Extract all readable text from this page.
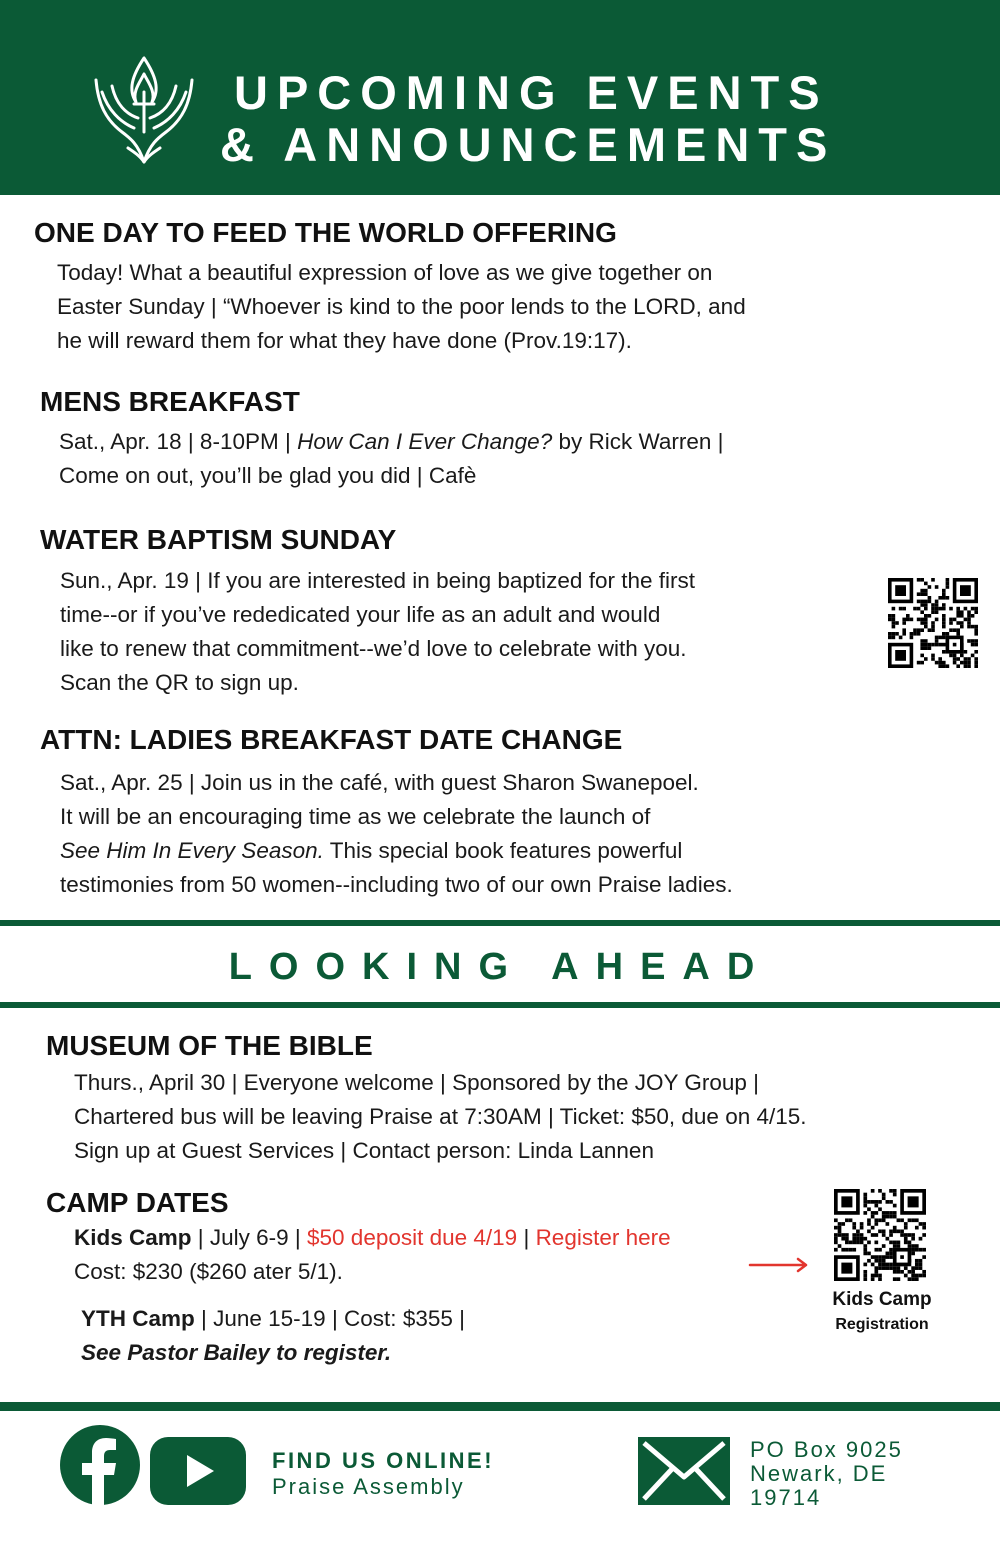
UPCOMING EVENTS
& ANNOUNCEMENTS
ONE DAY TO FEED THE WORLD OFFERING
Today! What a beautiful expression of love as we give together on
Easter Sunday | “Whoever is kind to the poor lends to the LORD, and
he will reward them for what they have done (Prov.19:17).
MENS BREAKFAST
Sat., Apr. 18 | 8-10PM | How Can I Ever Change? by Rick Warren |
Come on out, you’ll be glad you did | Cafè
WATER BAPTISM SUNDAY
Sun., Apr. 19 | If you are interested in being baptized for the first
time--or if you’ve rededicated your life as an adult and would
like to renew that commitment--we’d love to celebrate with you.
Scan the QR to sign up.
ATTN: LADIES BREAKFAST DATE CHANGE
Sat., Apr. 25 | Join us in the café, with guest Sharon Swanepoel.
It will be an encouraging time as we celebrate the launch of
See Him In Every Season. This special book features powerful
testimonies from 50 women--including two of our own Praise ladies.
LOOKING AHEAD
MUSEUM OF THE BIBLE
Thurs., April 30 | Everyone welcome | Sponsored by the JOY Group |
Chartered bus will be leaving Praise at 7:30AM | Ticket: $50, due on 4/15.
Sign up at Guest Services | Contact person: Linda Lannen
CAMP DATES
Kids Camp | July 6-9 | $50 deposit due 4/19 | Register here
Cost: $230 ($260 ater 5/1).
YTH Camp | June 15-19 | Cost: $355 |
See Pastor Bailey to register.
Kids Camp
Registration
FIND US ONLINE!
Praise Assembly
PO Box 9025
Newark, DE
19714
